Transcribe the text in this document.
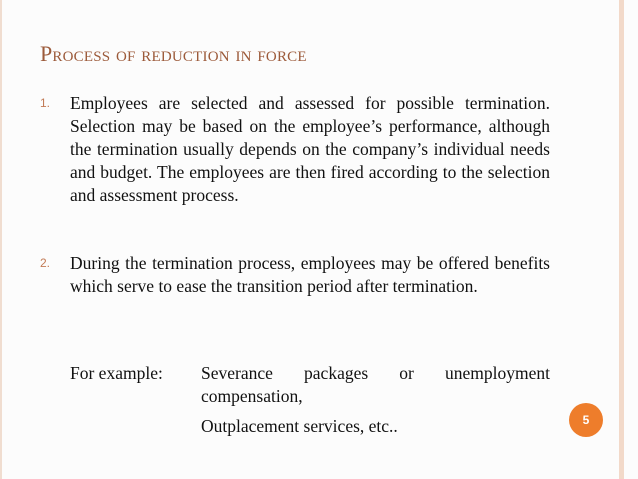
Process of reduction in force
1. Employees are selected and assessed for possible termination. Selection may be based on the employee’s performance, although the termination usually depends on the company’s individual needs and budget. The employees are then fired according to the selection and assessment process.
2. During the termination process, employees may be offered benefits which serve to ease the transition period after termination.
For example:	Severance packages or unemployment
compensation,
Outplacement services, etc..	5
